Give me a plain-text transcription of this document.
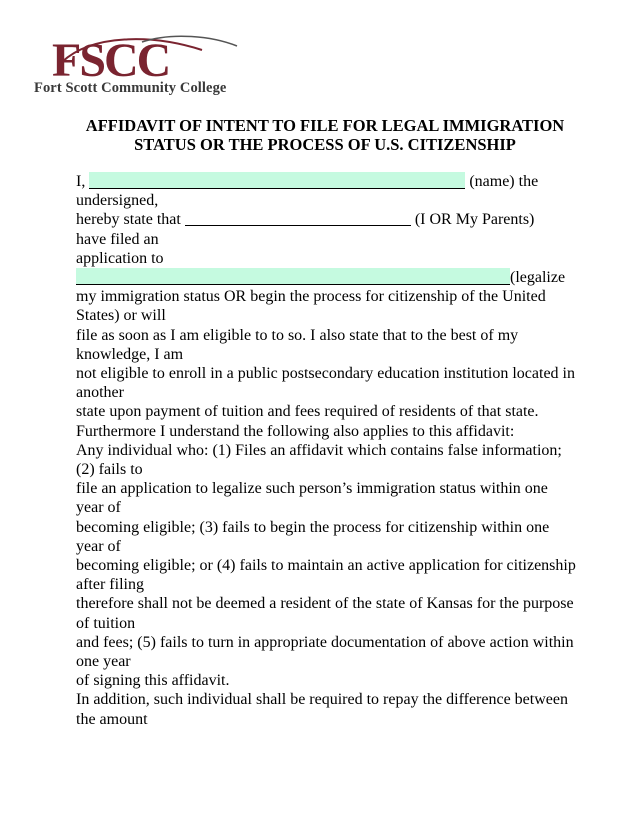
FSCC
Fort Scott Community College
AFFIDAVIT OF INTENT TO FILE FOR LEGAL IMMIGRATION
STATUS OR THE PROCESS OF U.S. CITIZENSHIP

I,	(name) the

undersigned,

hereby state that	(I OR My Parents)

have filed an

application to

(legalize

my immigration status OR begin the process for citizenship of the United States) or will

file as soon as I am eligible to to so. I also state that to the best of my knowledge, I am

not eligible to enroll in a public postsecondary education institution located in another

state upon payment of tuition and fees required of residents of that state.

Furthermore I understand the following also applies to this affidavit:

Any individual who: (1) Files an affidavit which contains false information; (2) fails to

file an application to legalize such person’s immigration status within one year of

becoming eligible; (3) fails to begin the process for citizenship within one year of

becoming eligible; or (4) fails to maintain an active application for citizenship after filing

therefore shall not be deemed a resident of the state of Kansas for the purpose of tuition

and fees; (5) fails to turn in appropriate documentation of above action within one year

of signing this affidavit.

In addition, such individual shall be required to repay the difference between the amount
